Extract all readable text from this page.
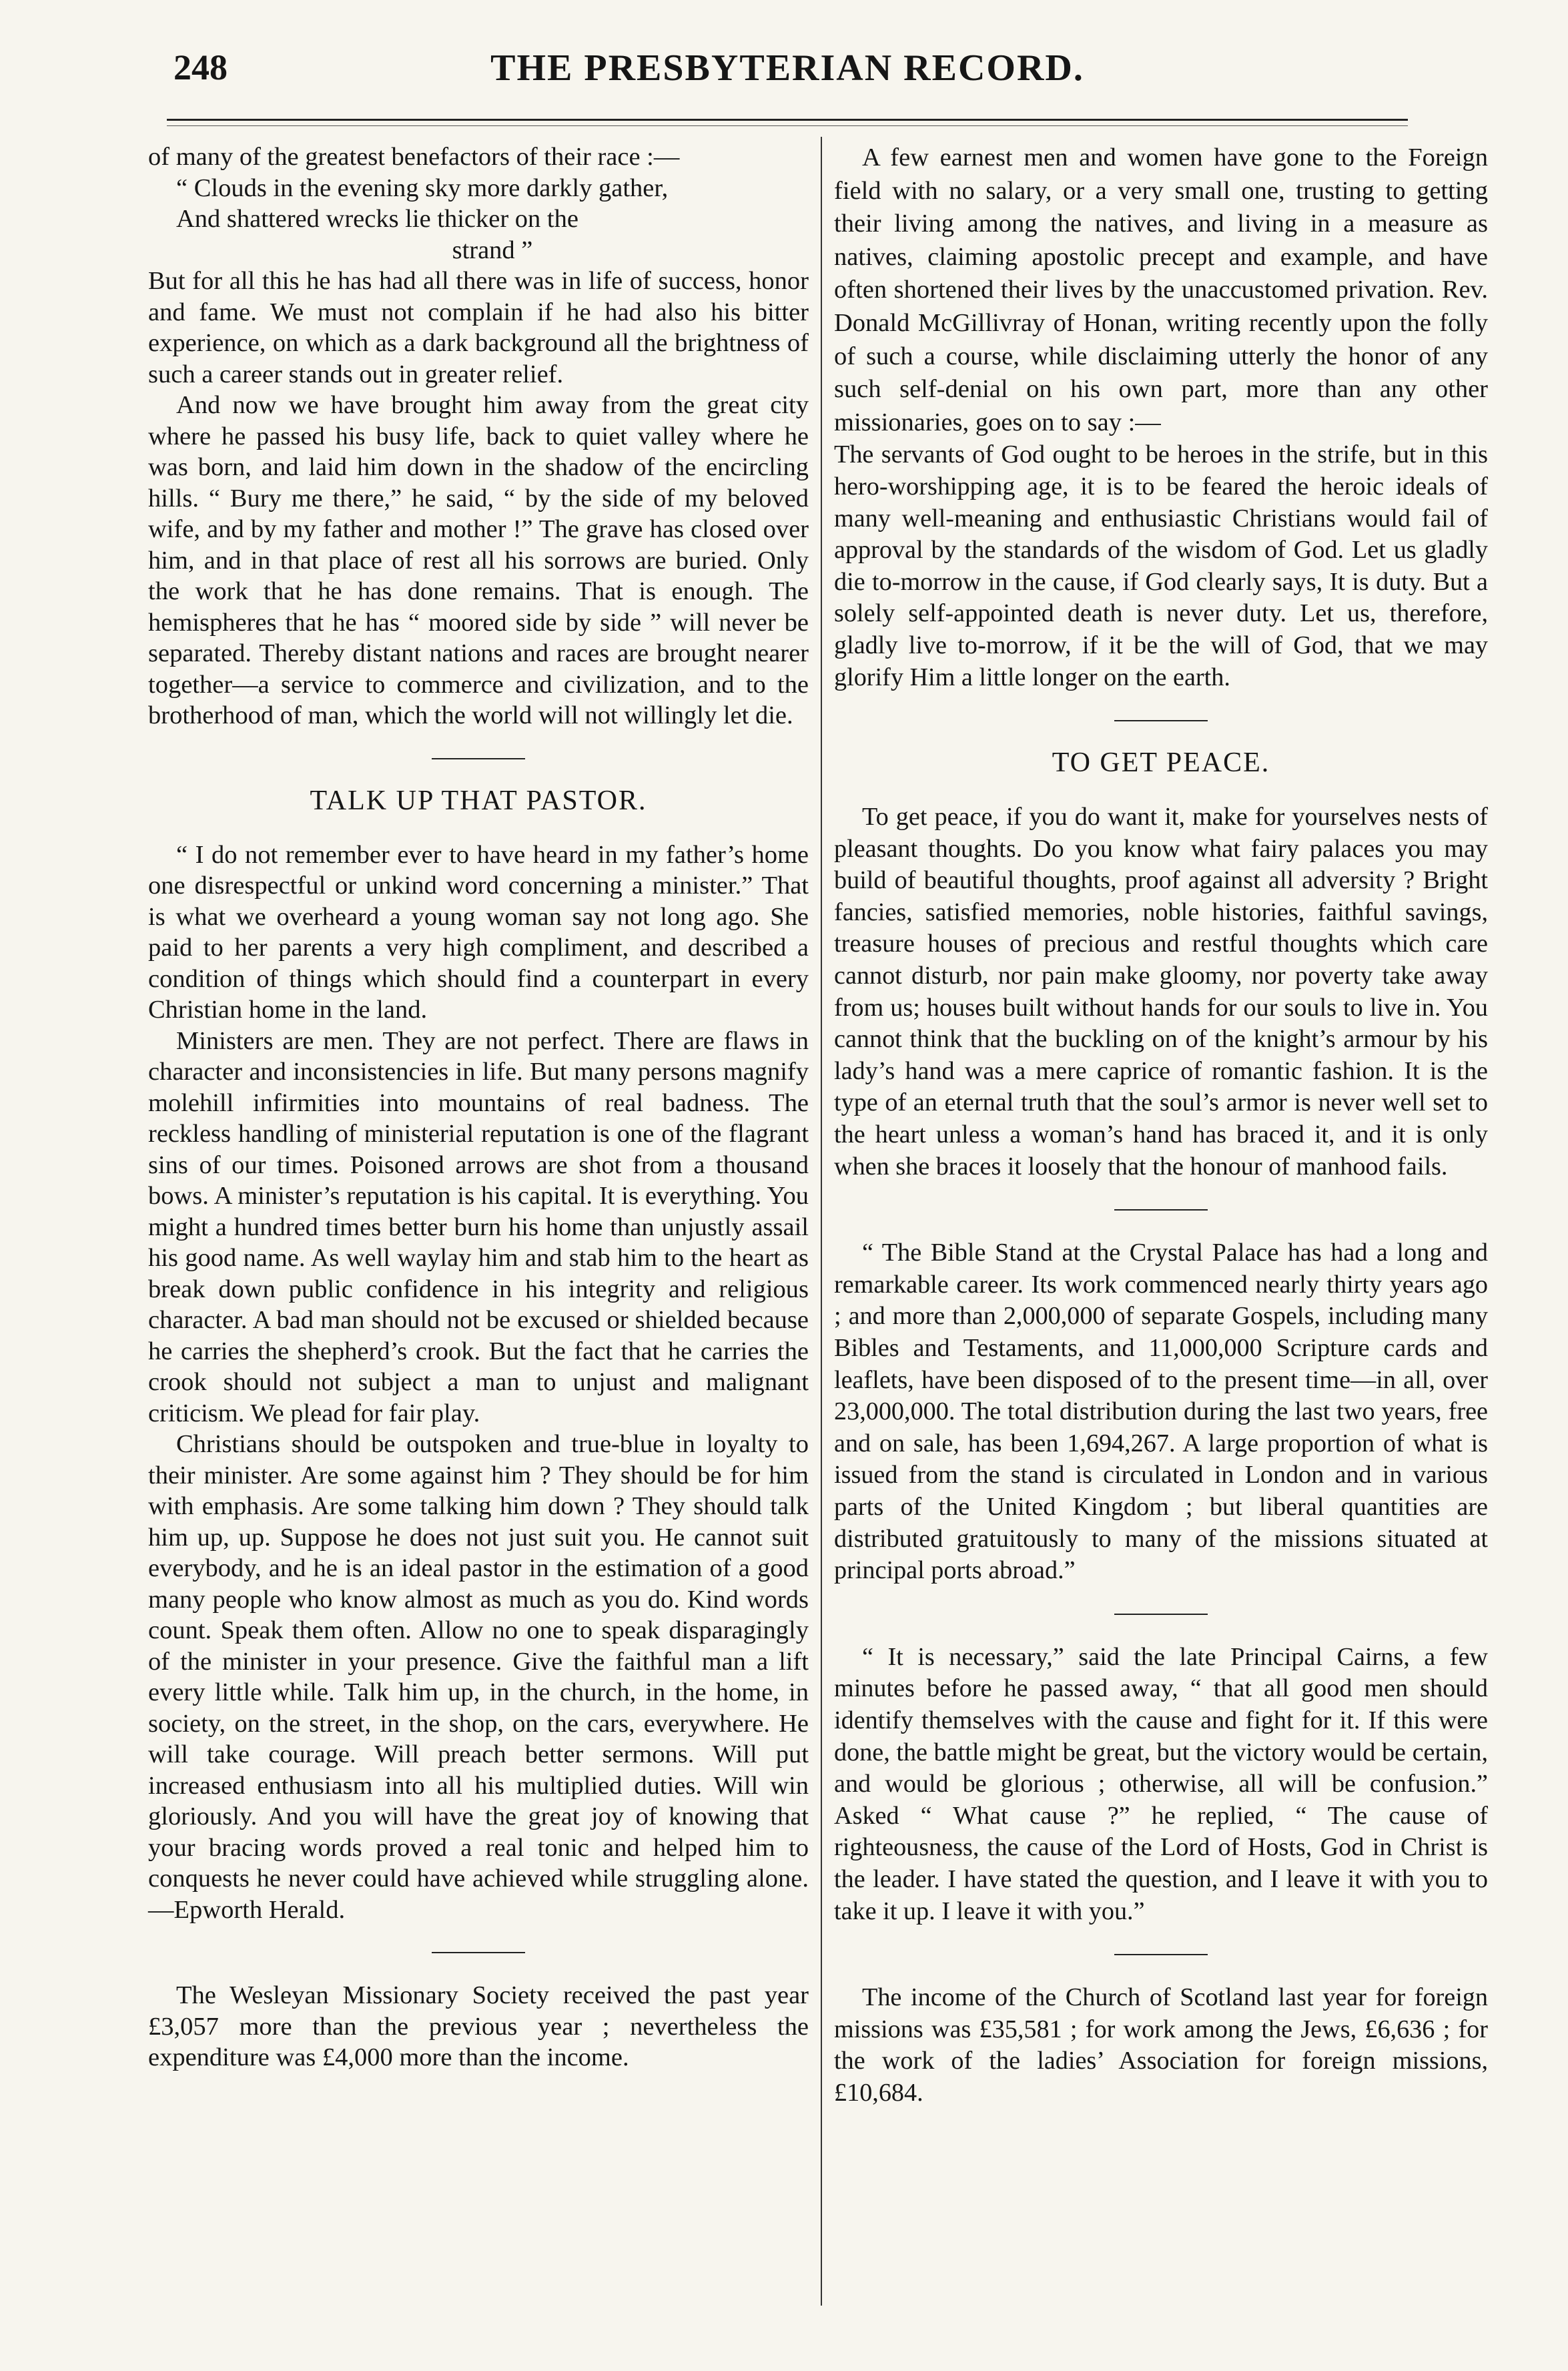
248	THE PRESBYTERIAN RECORD.

of many of the greatest benefactors of their race :—

“ Clouds in the evening sky more darkly gather,
And shattered wrecks lie thicker on the
strand ”

But for all this he has had all there was in life of success, honor and fame. We must not complain if he had also his bitter experience, on which as a dark background all the brightness of such a career stands out in greater relief.

And now we have brought him away from the great city where he passed his busy life, back to quiet valley where he was born, and laid him down in the shadow of the encircling hills. “ Bury me there,” he said, “ by the side of my beloved wife, and by my father and mother !” The grave has closed over him, and in that place of rest all his sorrows are buried. Only the work that he has done remains. That is enough. The hemispheres that he has “ moored side by side ” will never be separated. Thereby distant nations and races are brought nearer together—a service to commerce and civilization, and to the brotherhood of man, which the world will not willingly let die.

TALK UP THAT PASTOR.

“ I do not remember ever to have heard in my father’s home one disrespectful or unkind word concerning a minister.” That is what we overheard a young woman say not long ago. She paid to her parents a very high compliment, and described a condition of things which should find a counterpart in every Christian home in the land.

Ministers are men. They are not perfect. There are flaws in character and inconsistencies in life. But many persons magnify molehill infirmities into mountains of real badness. The reckless handling of ministerial reputation is one of the flagrant sins of our times. Poisoned arrows are shot from a thousand bows. A minister’s reputation is his capital. It is everything. You might a hundred times better burn his home than unjustly assail his good name. As well waylay him and stab him to the heart as break down public confidence in his integrity and religious character. A bad man should not be excused or shielded because he carries the shepherd’s crook. But the fact that he carries the crook should not subject a man to unjust and malignant criticism. We plead for fair play.

Christians should be outspoken and true-blue in loyalty to their minister. Are some against him ? They should be for him with emphasis. Are some talking him down ? They should talk him up, up. Suppose he does not just suit you. He cannot suit everybody, and he is an ideal pastor in the estimation of a good many people who know almost as much as you do. Kind words count. Speak them often. Allow no one to speak disparagingly of the minister in your presence. Give the faithful man a lift every little while. Talk him up, in the church, in the home, in society, on the street, in the shop, on the cars, everywhere. He will take courage. Will preach better sermons. Will put increased enthusiasm into all his multiplied duties. Will win gloriously. And you will have the great joy of knowing that your bracing words proved a real tonic and helped him to conquests he never could have achieved while struggling alone.—Epworth Herald.

The Wesleyan Missionary Society received the past year £3,057 more than the previous year ; nevertheless the expenditure was £4,000 more than the income.

A few earnest men and women have gone to the Foreign field with no salary, or a very small one, trusting to getting their living among the natives, and living in a measure as natives, claiming apostolic precept and example, and have often shortened their lives by the unaccustomed privation. Rev. Donald McGillivray of Honan, writing recently upon the folly of such a course, while disclaiming utterly the honor of any such self-denial on his own part, more than any other missionaries, goes on to say :—

The servants of God ought to be heroes in the strife, but in this hero-worshipping age, it is to be feared the heroic ideals of many well-meaning and enthusiastic Christians would fail of approval by the standards of the wisdom of God. Let us gladly die to-morrow in the cause, if God clearly says, It is duty. But a solely self-appointed death is never duty. Let us, therefore, gladly live to-morrow, if it be the will of God, that we may glorify Him a little longer on the earth.

TO GET PEACE.

To get peace, if you do want it, make for yourselves nests of pleasant thoughts. Do you know what fairy palaces you may build of beautiful thoughts, proof against all adversity ? Bright fancies, satisfied memories, noble histories, faithful savings, treasure houses of precious and restful thoughts which care cannot disturb, nor pain make gloomy, nor poverty take away from us; houses built without hands for our souls to live in. You cannot think that the buckling on of the knight’s armour by his lady’s hand was a mere caprice of romantic fashion. It is the type of an eternal truth that the soul’s armor is never well set to the heart unless a woman’s hand has braced it, and it is only when she braces it loosely that the honour of manhood fails.

“ The Bible Stand at the Crystal Palace has had a long and remarkable career. Its work commenced nearly thirty years ago ; and more than 2,000,000 of separate Gospels, including many Bibles and Testaments, and 11,000,000 Scripture cards and leaflets, have been disposed of to the present time—in all, over 23,000,000. The total distribution during the last two years, free and on sale, has been 1,694,267. A large proportion of what is issued from the stand is circulated in London and in various parts of the United Kingdom ; but liberal quantities are distributed gratuitously to many of the missions situated at principal ports abroad.”

“ It is necessary,” said the late Principal Cairns, a few minutes before he passed away, “ that all good men should identify themselves with the cause and fight for it. If this were done, the battle might be great, but the victory would be certain, and would be glorious ; otherwise, all will be confusion.” Asked “ What cause ?” he replied, “ The cause of righteousness, the cause of the Lord of Hosts, God in Christ is the leader. I have stated the question, and I leave it with you to take it up. I leave it with you.”

The income of the Church of Scotland last year for foreign missions was £35,581 ; for work among the Jews, £6,636 ; for the work of the ladies’ Association for foreign missions, £10,684.
